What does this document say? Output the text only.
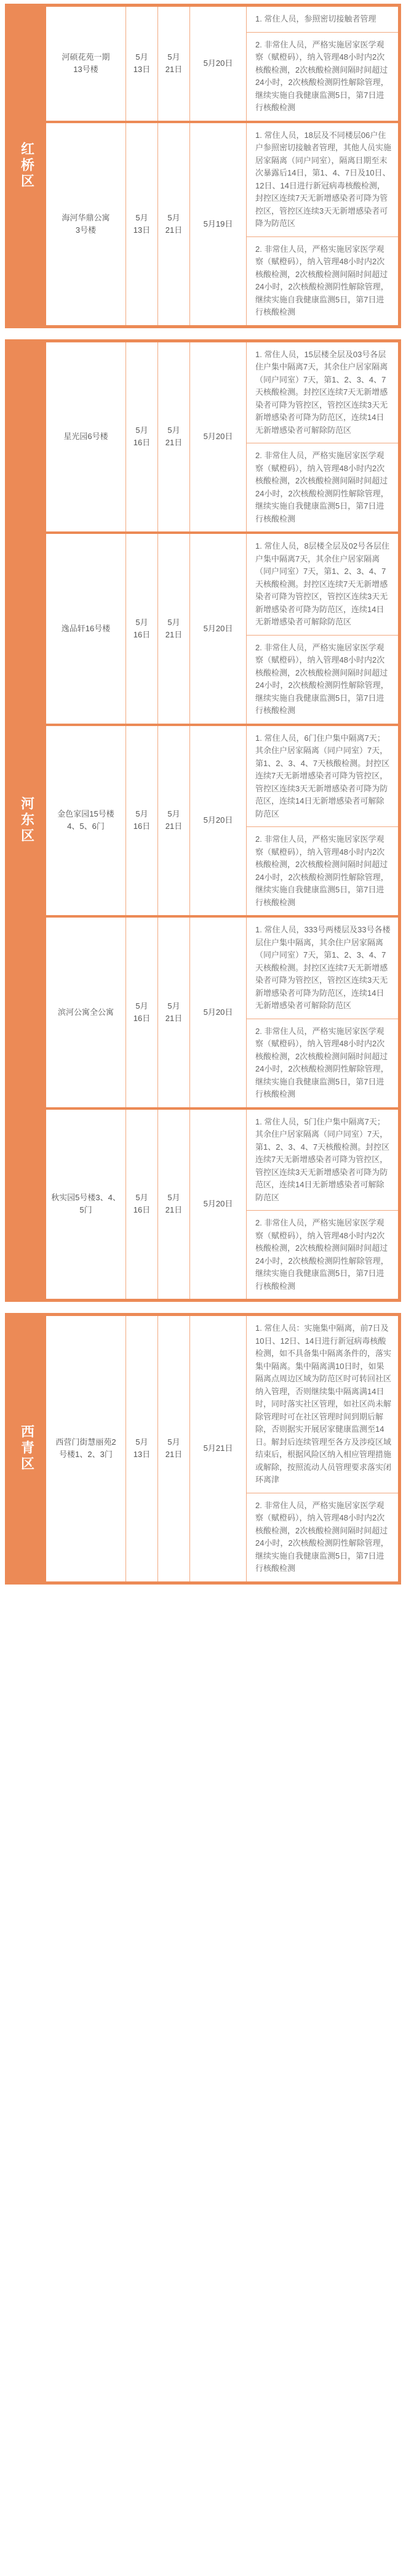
红桥区
河硕花苑一期
13号楼
5月
13日
5月
21日
5月20日
1. 常住人员，参照密切接触者管理
2. 非常住人员，严格实施居家医学观察（赋橙码），纳入管理48小时内2次核酸检测，2次核酸检测间隔时间超过24小时，2次核酸检测阴性解除管理，继续实施自我健康监测5日，第7日进行核酸检测
海河华鼎公寓
3号楼
5月
13日
5月
21日
5月19日
1. 常住人员，18层及不同楼层06户住户参照密切接触者管理，其他人员实施居家隔离（同户同室），隔离日期至末次暴露后14日，第1、4、7日及10日、12日、14日进行新冠病毒核酸检测，封控区连续7天无新增感染者可降为管控区，管控区连续3天无新增感染者可降为防范区
2. 非常住人员，严格实施居家医学观察（赋橙码），纳入管理48小时内2次核酸检测，2次核酸检测间隔时间超过24小时，2次核酸检测阴性解除管理，继续实施自我健康监测5日，第7日进行核酸检测
河东区
星光园6号楼
5月
16日
5月
21日
5月20日
1. 常住人员，15层楼全层及03号各层住户集中隔离7天，其余住户居家隔离（同户同室）7天，第1、2、3、4、7天核酸检测。封控区连续7天无新增感染者可降为管控区，管控区连续3天无新增感染者可降为防范区，连续14日无新增感染者可解除防范区
2. 非常住人员，严格实施居家医学观察（赋橙码），纳入管理48小时内2次核酸检测，2次核酸检测间隔时间超过24小时，2次核酸检测阴性解除管理，继续实施自我健康监测5日，第7日进行核酸检测
逸品轩16号楼
5月
16日
5月
21日
5月20日
1. 常住人员，8层楼全层及02号各层住户集中隔离7天，其余住户居家隔离（同户同室）7天，第1、2、3、4、7天核酸检测。封控区连续7天无新增感染者可降为管控区，管控区连续3天无新增感染者可降为防范区，连续14日无新增感染者可解除防范区
2. 非常住人员，严格实施居家医学观察（赋橙码），纳入管理48小时内2次核酸检测，2次核酸检测间隔时间超过24小时，2次核酸检测阴性解除管理，继续实施自我健康监测5日，第7日进行核酸检测
金色家园15号楼
4、5、6门
5月
16日
5月
21日
5月20日
1. 常住人员，6门住户集中隔离7天；其余住户居家隔离（同户同室）7天，第1、2、3、4、7天核酸检测。封控区连续7天无新增感染者可降为管控区，管控区连续3天无新增感染者可降为防范区，连续14日无新增感染者可解除防范区
2. 非常住人员，严格实施居家医学观察（赋橙码），纳入管理48小时内2次核酸检测，2次核酸检测间隔时间超过24小时，2次核酸检测阴性解除管理，继续实施自我健康监测5日，第7日进行核酸检测
滨河公寓全公寓
5月
16日
5月
21日
5月20日
1. 常住人员，333号两楼层及33号各楼层住户集中隔离，其余住户居家隔离（同户同室）7天，第1、2、3、4、7天核酸检测。封控区连续7天无新增感染者可降为管控区，管控区连续3天无新增感染者可降为防范区，连续14日无新增感染者可解除防范区
2. 非常住人员，严格实施居家医学观察（赋橙码），纳入管理48小时内2次核酸检测，2次核酸检测间隔时间超过24小时，2次核酸检测阴性解除管理，继续实施自我健康监测5日，第7日进行核酸检测
秋实园5号楼3、4、
5门
5月
16日
5月
21日
5月20日
1. 常住人员，5门住户集中隔离7天；其余住户居家隔离（同户同室）7天，第1、2、3、4、7天核酸检测。封控区连续7天无新增感染者可降为管控区，管控区连续3天无新增感染者可降为防范区，连续14日无新增感染者可解除防范区
2. 非常住人员，严格实施居家医学观察（赋橙码），纳入管理48小时内2次核酸检测，2次核酸检测间隔时间超过24小时，2次核酸检测阴性解除管理，继续实施自我健康监测5日，第7日进行核酸检测
西青区	西营门街慧丽苑2
号楼1、2、3门
5月
13日
5月
21日
5月21日
1. 常住人员：实施集中隔离，前7日及10日、12日、14日进行新冠病毒核酸检测，如不具备集中隔离条件的，落实集中隔离。集中隔离满10日时，如果隔离点周边区域为防范区时可转回社区纳入管理，否则继续集中隔离满14日时，同时落实社区管理，如社区尚未解除管理时可在社区管理时间到期后解除，否则据实开展居家健康监测至14日。解封后连续管理至各方及涉疫区域结束后，根据风险区纳入相应管理措施或解除，按照流动人员管理要求落实闭环离津
2. 非常住人员，严格实施居家医学观察（赋橙码），纳入管理48小时内2次核酸检测，2次核酸检测间隔时间超过24小时，2次核酸检测阴性解除管理，继续实施自我健康监测5日，第7日进行核酸检测
